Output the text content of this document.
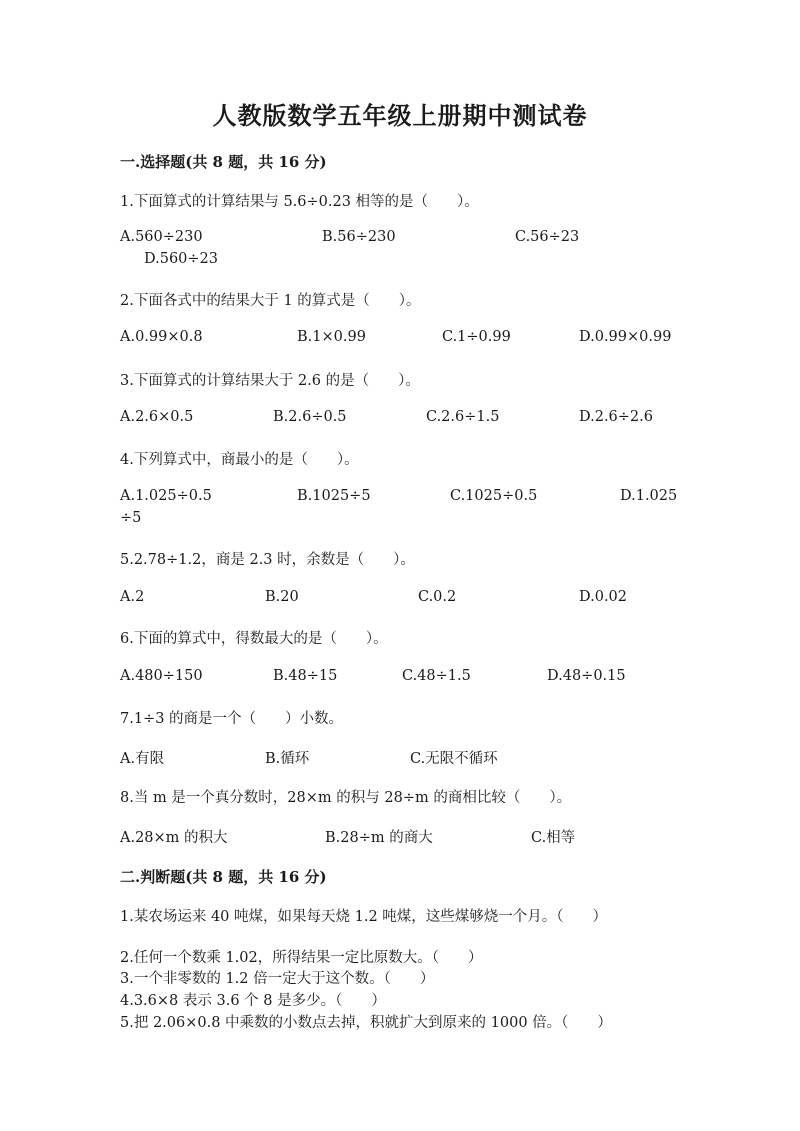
人教版数学五年级上册期中测试卷
一.选择题(共 8 题，共 16 分)
1.下面算式的计算结果与 5.6÷0.23 相等的是（　　）。
A.560÷230	B.56÷230	C.56÷23
D.560÷23
2.下面各式中的结果大于 1 的算式是（　　）。
A.0.99×0.8	B.1×0.99	C.1÷0.99	D.0.99×0.99
3.下面算式的计算结果大于 2.6 的是（　　）。
A.2.6×0.5	B.2.6÷0.5	C.2.6÷1.5	D.2.6÷2.6
4.下列算式中，商最小的是（　　）。
A.1.025÷0.5	B.1025÷5	C.1025÷0.5	D.1.025
÷5
5.2.78÷1.2，商是 2.3 时，余数是（　　）。
A.2	B.20	C.0.2	D.0.02
6.下面的算式中，得数最大的是（　　）。
A.480÷150	B.48÷15	C.48÷1.5	D.48÷0.15
7.1÷3 的商是一个（　　）小数。
A.有限	B.循环	C.无限不循环
8.当 m 是一个真分数时，28×m 的积与 28÷m 的商相比较（　　）。
A.28×m 的积大	B.28÷m 的商大	C.相等
二.判断题(共 8 题，共 16 分)
1.某农场运来 40 吨煤，如果每天烧 1.2 吨煤，这些煤够烧一个月。（　　）
2.任何一个数乘 1.02，所得结果一定比原数大。（　　）
3.一个非零数的 1.2 倍一定大于这个数。（　　）
4.3.6×8 表示 3.6 个 8 是多少。（　　）
5.把 2.06×0.8 中乘数的小数点去掉，积就扩大到原来的 1000 倍。（　　）
